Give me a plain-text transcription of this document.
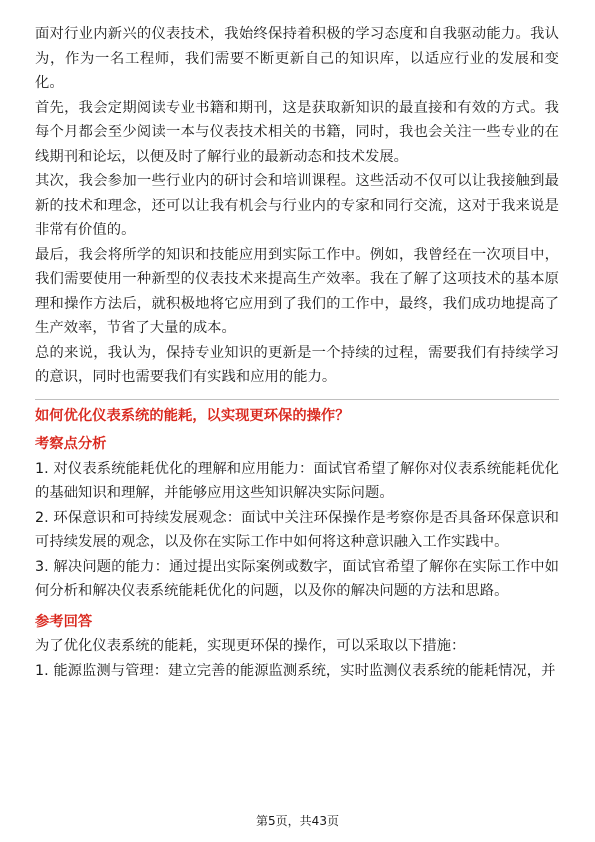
面对行业内新兴的仪表技术，我始终保持着积极的学习态度和自我驱动能力。我认为，作为一名工程师，我们需要不断更新自己的知识库，以适应行业的发展和变化。

首先，我会定期阅读专业书籍和期刊，这是获取新知识的最直接和有效的方式。我每个月都会至少阅读一本与仪表技术相关的书籍，同时，我也会关注一些专业的在线期刊和论坛，以便及时了解行业的最新动态和技术发展。

其次，我会参加一些行业内的研讨会和培训课程。这些活动不仅可以让我接触到最新的技术和理念，还可以让我有机会与行业内的专家和同行交流，这对于我来说是非常有价值的。

最后，我会将所学的知识和技能应用到实际工作中。例如，我曾经在一次项目中，我们需要使用一种新型的仪表技术来提高生产效率。我在了解了这项技术的基本原理和操作方法后，就积极地将它应用到了我们的工作中，最终，我们成功地提高了生产效率，节省了大量的成本。

总的来说，我认为，保持专业知识的更新是一个持续的过程，需要我们有持续学习的意识，同时也需要我们有实践和应用的能力。

如何优化仪表系统的能耗，以实现更环保的操作？

考察点分析

1. 对仪表系统能耗优化的理解和应用能力：面试官希望了解你对仪表系统能耗优化的基础知识和理解，并能够应用这些知识解决实际问题。

2. 环保意识和可持续发展观念：面试中关注环保操作是考察你是否具备环保意识和可持续发展的观念，以及你在实际工作中如何将这种意识融入工作实践中。

3. 解决问题的能力：通过提出实际案例或数字，面试官希望了解你在实际工作中如何分析和解决仪表系统能耗优化的问题，以及你的解决问题的方法和思路。

参考回答

为了优化仪表系统的能耗，实现更环保的操作，可以采取以下措施：

1. 能源监测与管理：建立完善的能源监测系统，实时监测仪表系统的能耗情况，并

第5页，共43页
